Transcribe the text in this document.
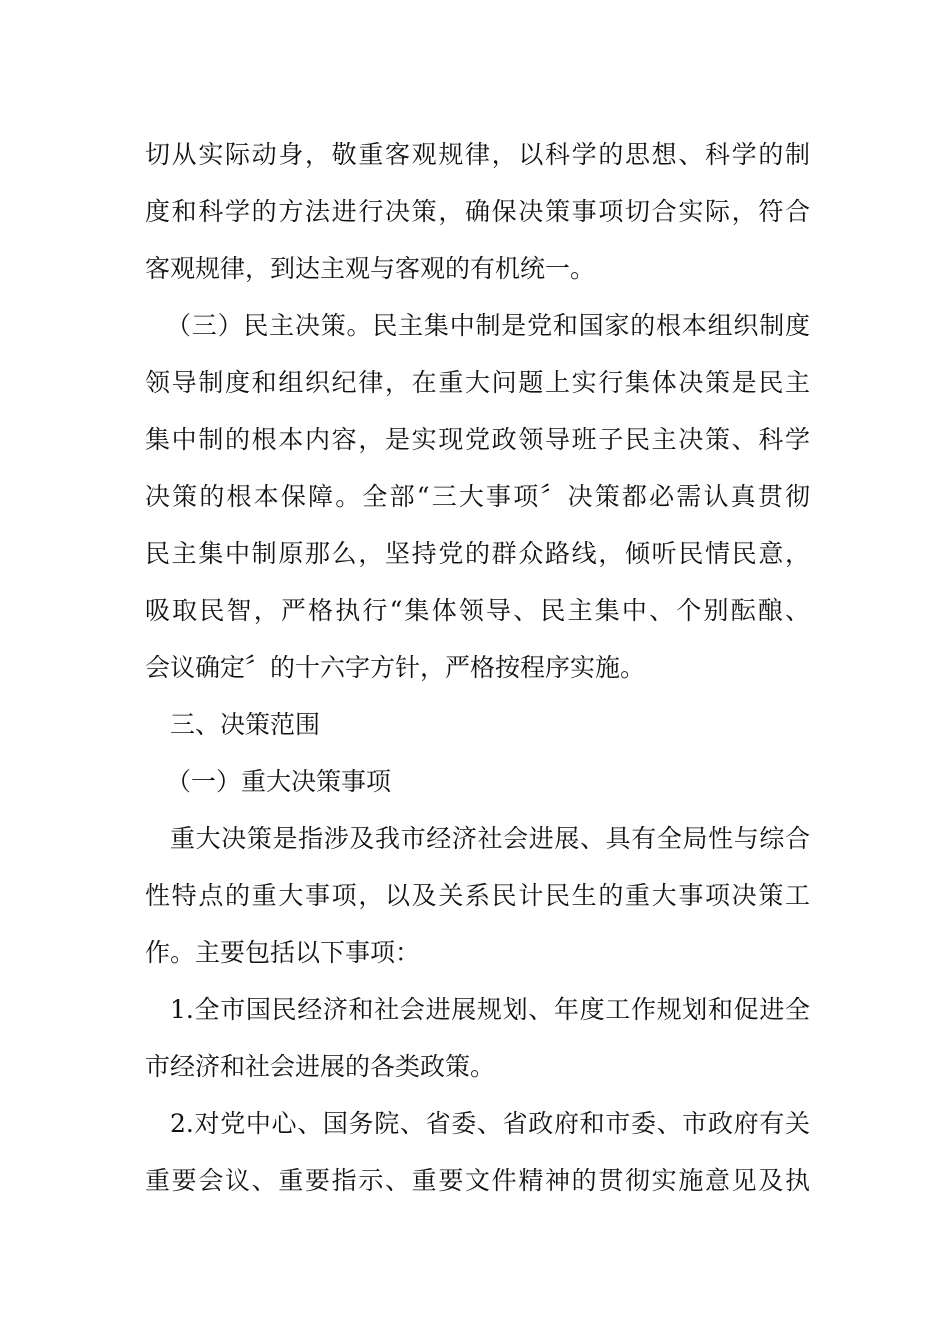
切从实际动身，敬重客观规律，以科学的思想、科学的制
度和科学的方法进行决策，确保决策事项切合实际，符合
客观规律，到达主观与客观的有机统一。
（三）民主决策。民主集中制是党和国家的根本组织制度
领导制度和组织纪律，在重大问题上实行集体决策是民主
集中制的根本内容，是实现党政领导班子民主决策、科学
决策的根本保障。全部“三大事项〞决策都必需认真贯彻
民主集中制原那么，坚持党的群众路线，倾听民情民意，
吸取民智，严格执行“集体领导、民主集中、个别酝酿、
会议确定〞的十六字方针，严格按程序实施。
三、决策范围
（一）重大决策事项
重大决策是指涉及我市经济社会进展、具有全局性与综合
性特点的重大事项，以及关系民计民生的重大事项决策工
作。主要包括以下事项：
1.全市国民经济和社会进展规划、年度工作规划和促进全
市经济和社会进展的各类政策。
2.对党中心、国务院、省委、省政府和市委、市政府有关
重要会议、重要指示、重要文件精神的贯彻实施意见及执
